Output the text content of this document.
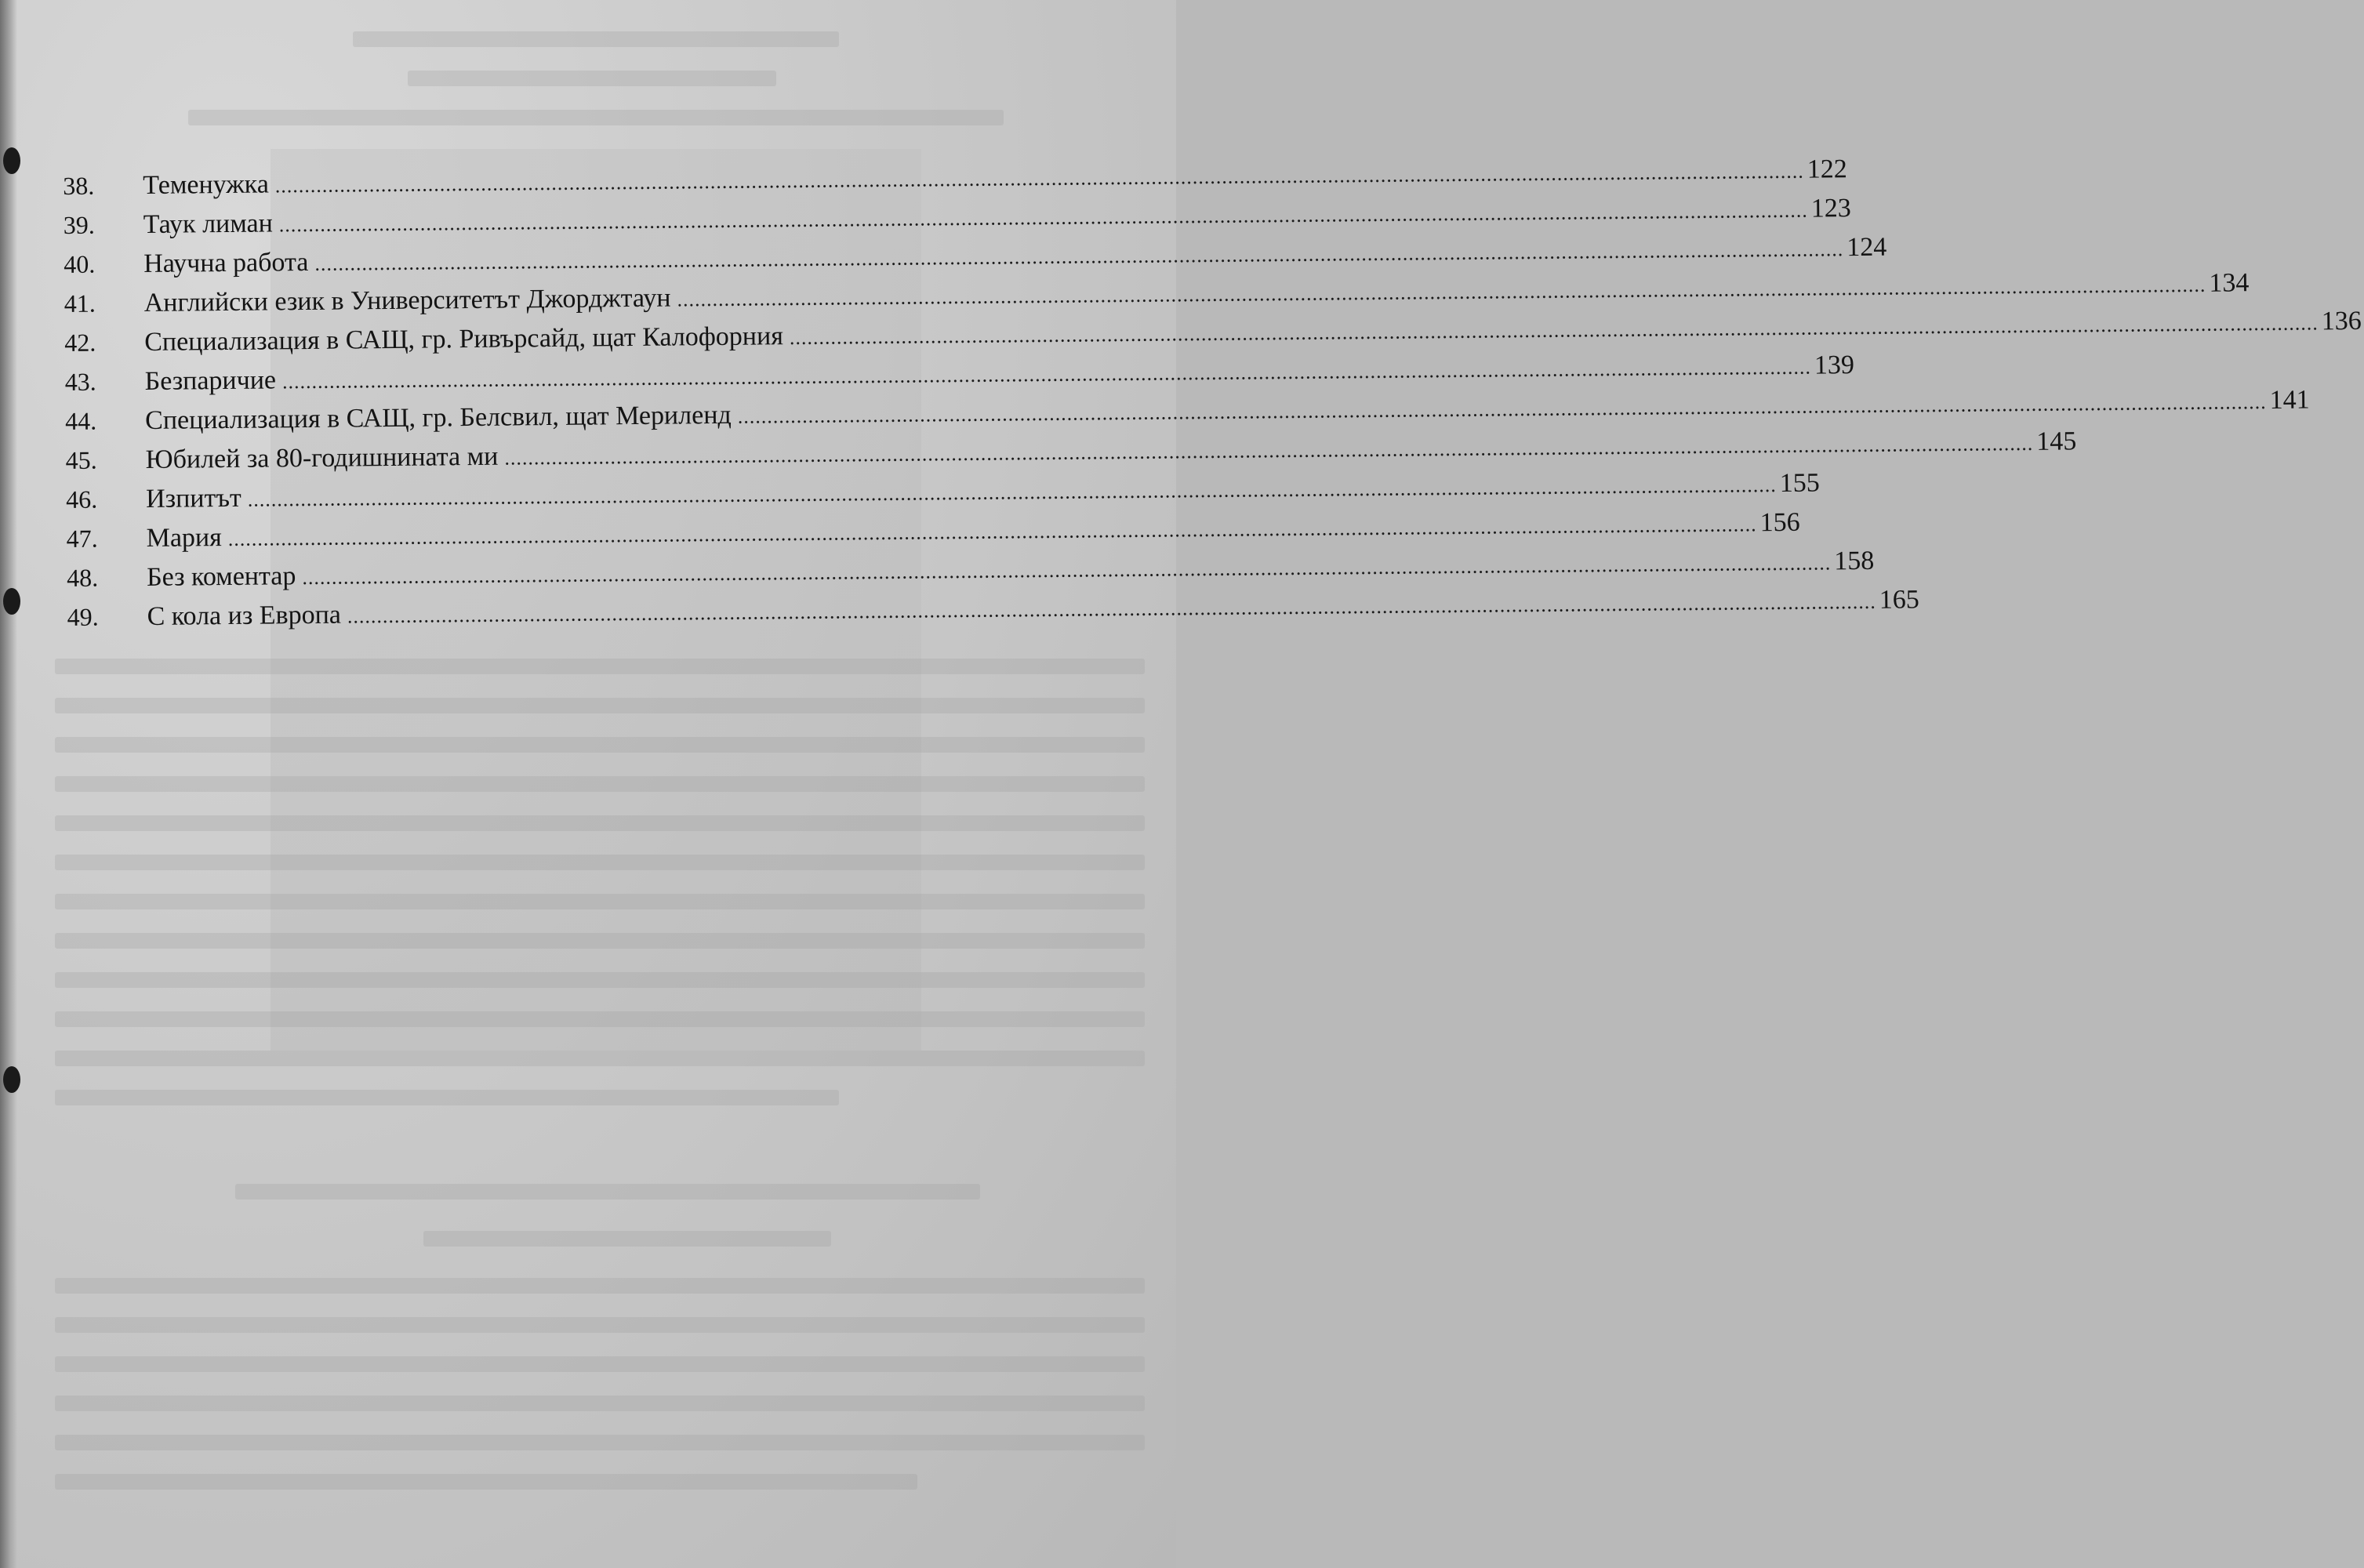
38.	Теменужка .................................................................................................................................................................................................................................................................... 122
39.	Таук лиман .................................................................................................................................................................................................................................................................... 123
40.	Научна работа .................................................................................................................................................................................................................................................................... 124
41.	Английски език в Университетът Джорджтаун .................................................................................................................................................................................................................................................................... 134
42.	Специализация в САЩ, гр. Ривърсайд, щат Калофорния .................................................................................................................................................................................................................................................................... 136
43.	Безпаричие .................................................................................................................................................................................................................................................................... 139
44.	Специализация в САЩ, гр. Белсвил, щат Мериленд .................................................................................................................................................................................................................................................................... 141
45.	Юбилей за 80-годишнината ми .................................................................................................................................................................................................................................................................... 145
46.	Изпитът .................................................................................................................................................................................................................................................................... 155
47.	Мария .................................................................................................................................................................................................................................................................... 156
48.	Без коментар .................................................................................................................................................................................................................................................................... 158
49.	С кола из Европа .................................................................................................................................................................................................................................................................... 165
